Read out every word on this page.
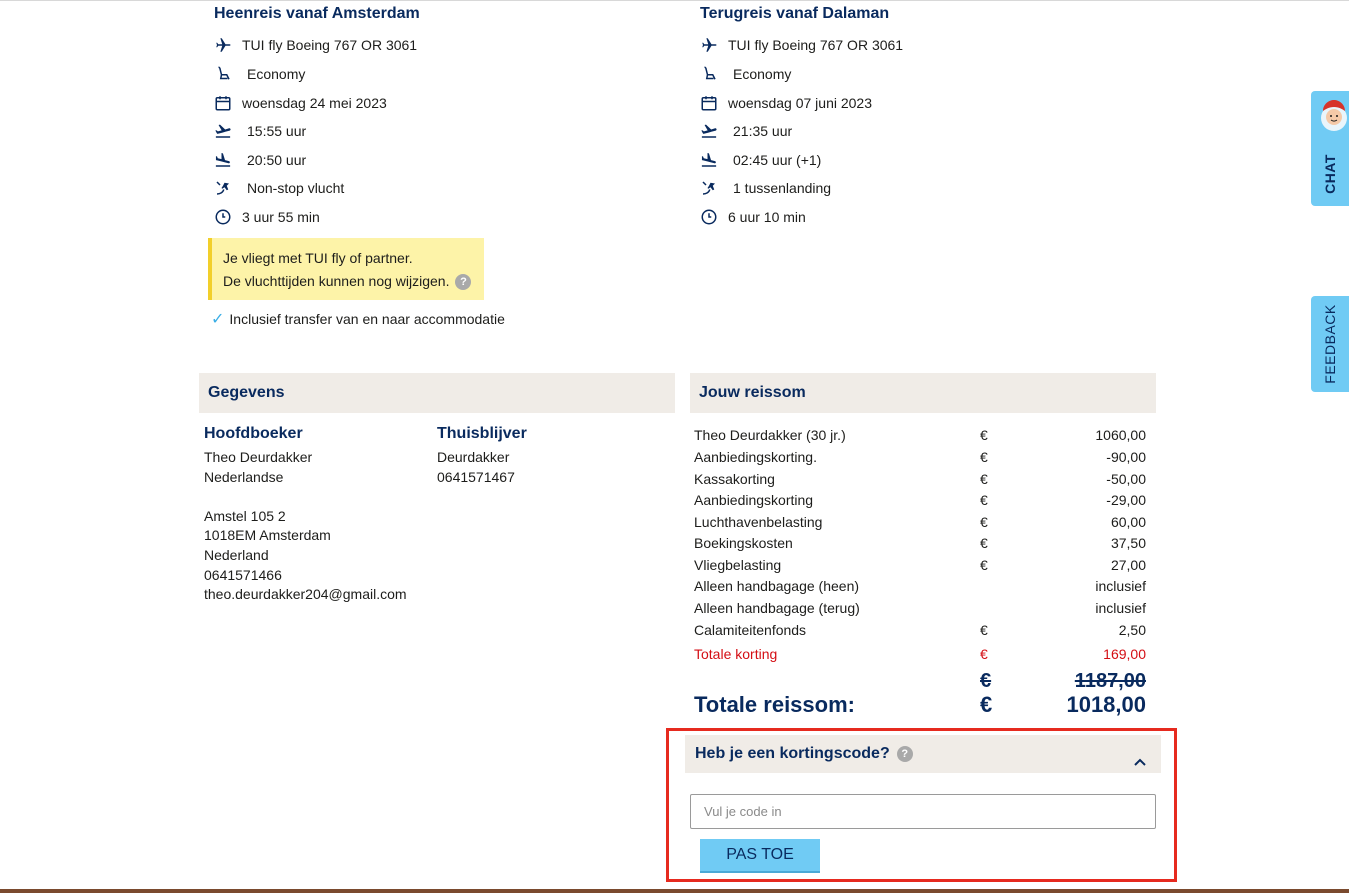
Heenreis vanaf Amsterdam
TUI fly Boeing 767 OR 3061
Economy
woensdag 24 mei 2023
15:55 uur
20:50 uur
Non-stop vlucht
3 uur 55 min
Terugreis vanaf Dalaman
TUI fly Boeing 767 OR 3061
Economy
woensdag 07 juni 2023
21:35 uur
02:45 uur (+1)
1 tussenlanding
6 uur 10 min
Je vliegt met TUI fly of partner.
De vluchttijden kunnen nog wijzigen. ?
✓ Inclusief transfer van en naar accommodatie
Gegevens
Hoofdboeker
Theo Deurdakker
Nederlandse
Amstel 105 2
1018EM Amsterdam
Nederland
0641571466
theo.deurdakker204@gmail.com
Thuisblijver
Deurdakker
0641571467
Jouw reissom
Theo Deurdakker (30 jr.)	€	1060,00
Aanbiedingskorting.	€	-90,00
Kassakorting	€	-50,00
Aanbiedingskorting	€	-29,00
Luchthavenbelasting	€	60,00
Boekingskosten	€	37,50
Vliegbelasting	€	27,00
Alleen handbagage (heen)	inclusief
Alleen handbagage (terug)	inclusief
Calamiteitenfonds	€	2,50
Totale korting	€	169,00
€	1187,00
Totale reissom:	€	1018,00
Heb je een kortingscode?	?
Vul je code in
PAS TOE
CHAT
FEEDBACK
